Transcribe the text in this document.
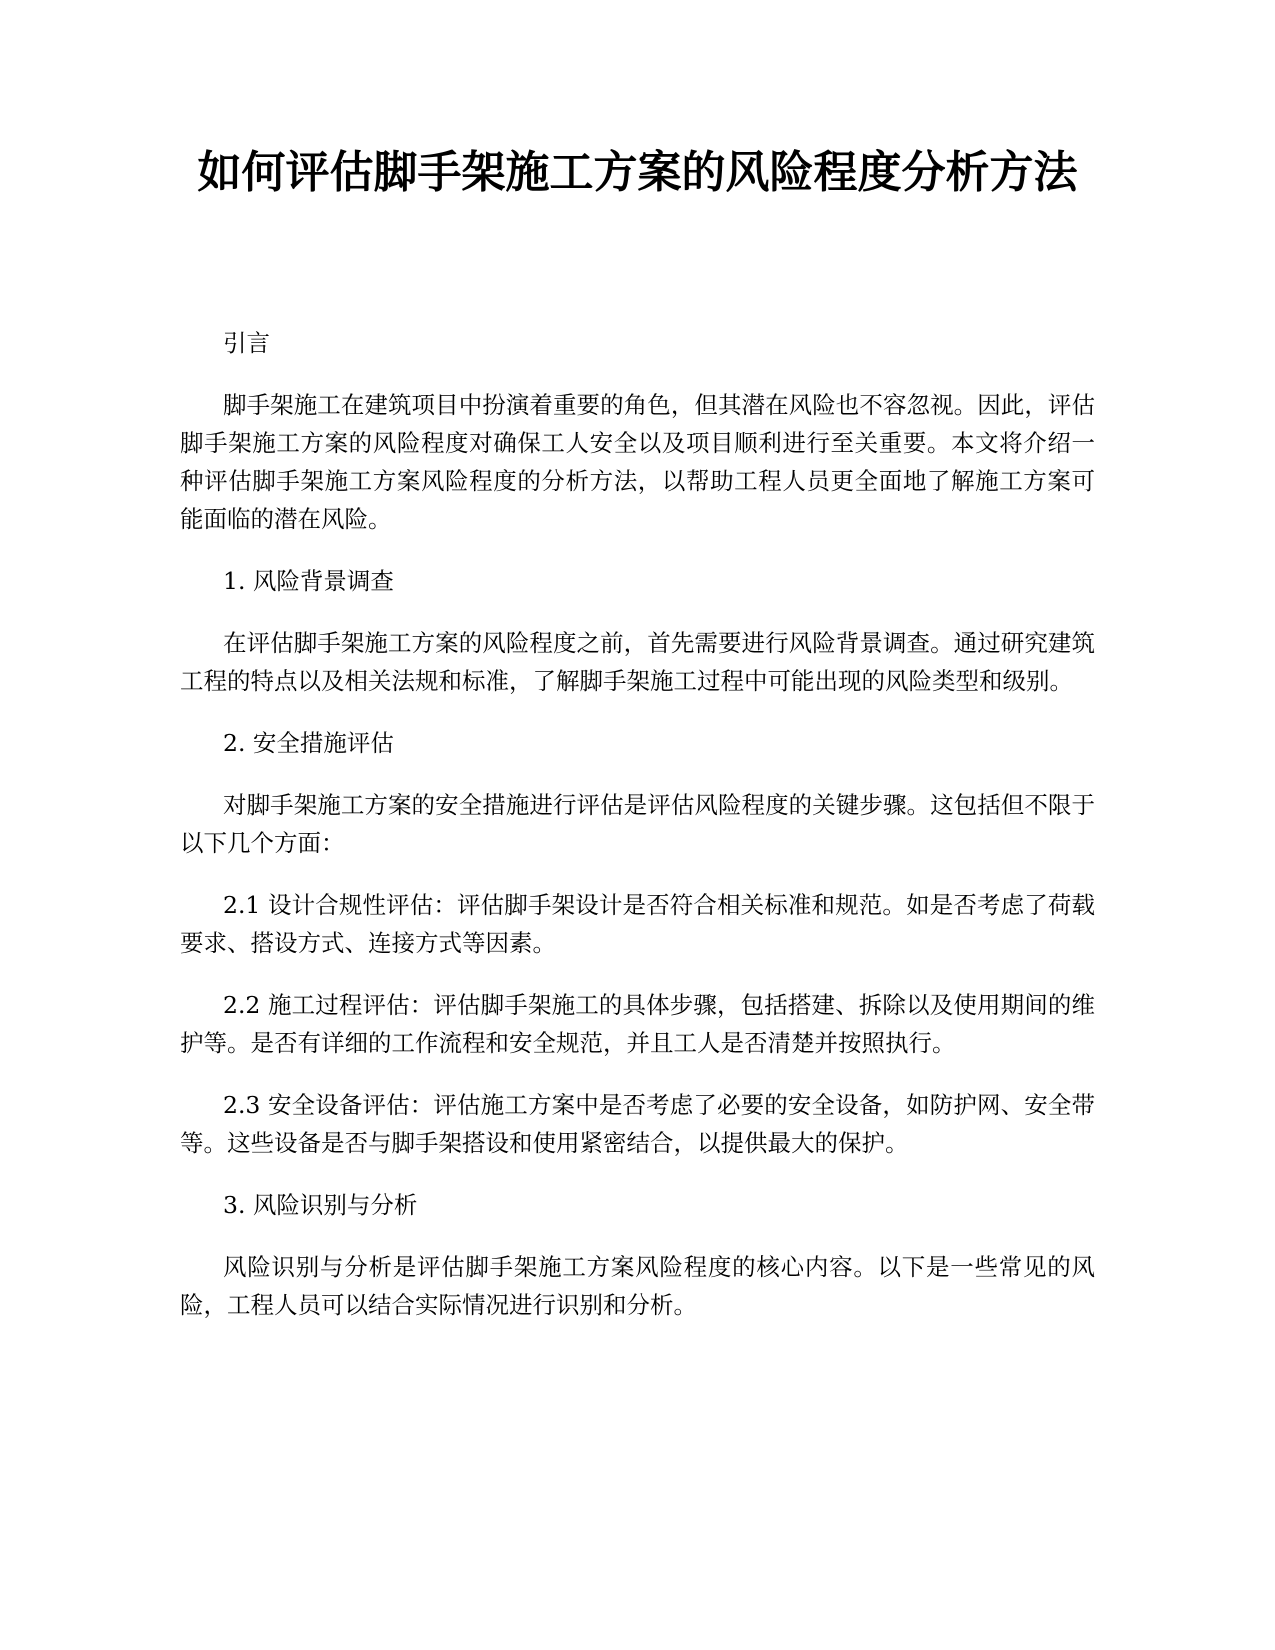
如何评估脚手架施工方案的风险程度分析方法

引言

脚手架施工在建筑项目中扮演着重要的角色，但其潜在风险也不容忽视。因此，评估脚手架施工方案的风险程度对确保工人安全以及项目顺利进行至关重要。本文将介绍一种评估脚手架施工方案风险程度的分析方法，以帮助工程人员更全面地了解施工方案可能面临的潜在风险。

1. 风险背景调查

在评估脚手架施工方案的风险程度之前，首先需要进行风险背景调查。通过研究建筑工程的特点以及相关法规和标准，了解脚手架施工过程中可能出现的风险类型和级别。

2. 安全措施评估

对脚手架施工方案的安全措施进行评估是评估风险程度的关键步骤。这包括但不限于以下几个方面：

2.1 设计合规性评估：评估脚手架设计是否符合相关标准和规范。如是否考虑了荷载要求、搭设方式、连接方式等因素。

2.2 施工过程评估：评估脚手架施工的具体步骤，包括搭建、拆除以及使用期间的维护等。是否有详细的工作流程和安全规范，并且工人是否清楚并按照执行。

2.3 安全设备评估：评估施工方案中是否考虑了必要的安全设备，如防护网、安全带等。这些设备是否与脚手架搭设和使用紧密结合，以提供最大的保护。

3. 风险识别与分析

风险识别与分析是评估脚手架施工方案风险程度的核心内容。以下是一些常见的风险，工程人员可以结合实际情况进行识别和分析。
